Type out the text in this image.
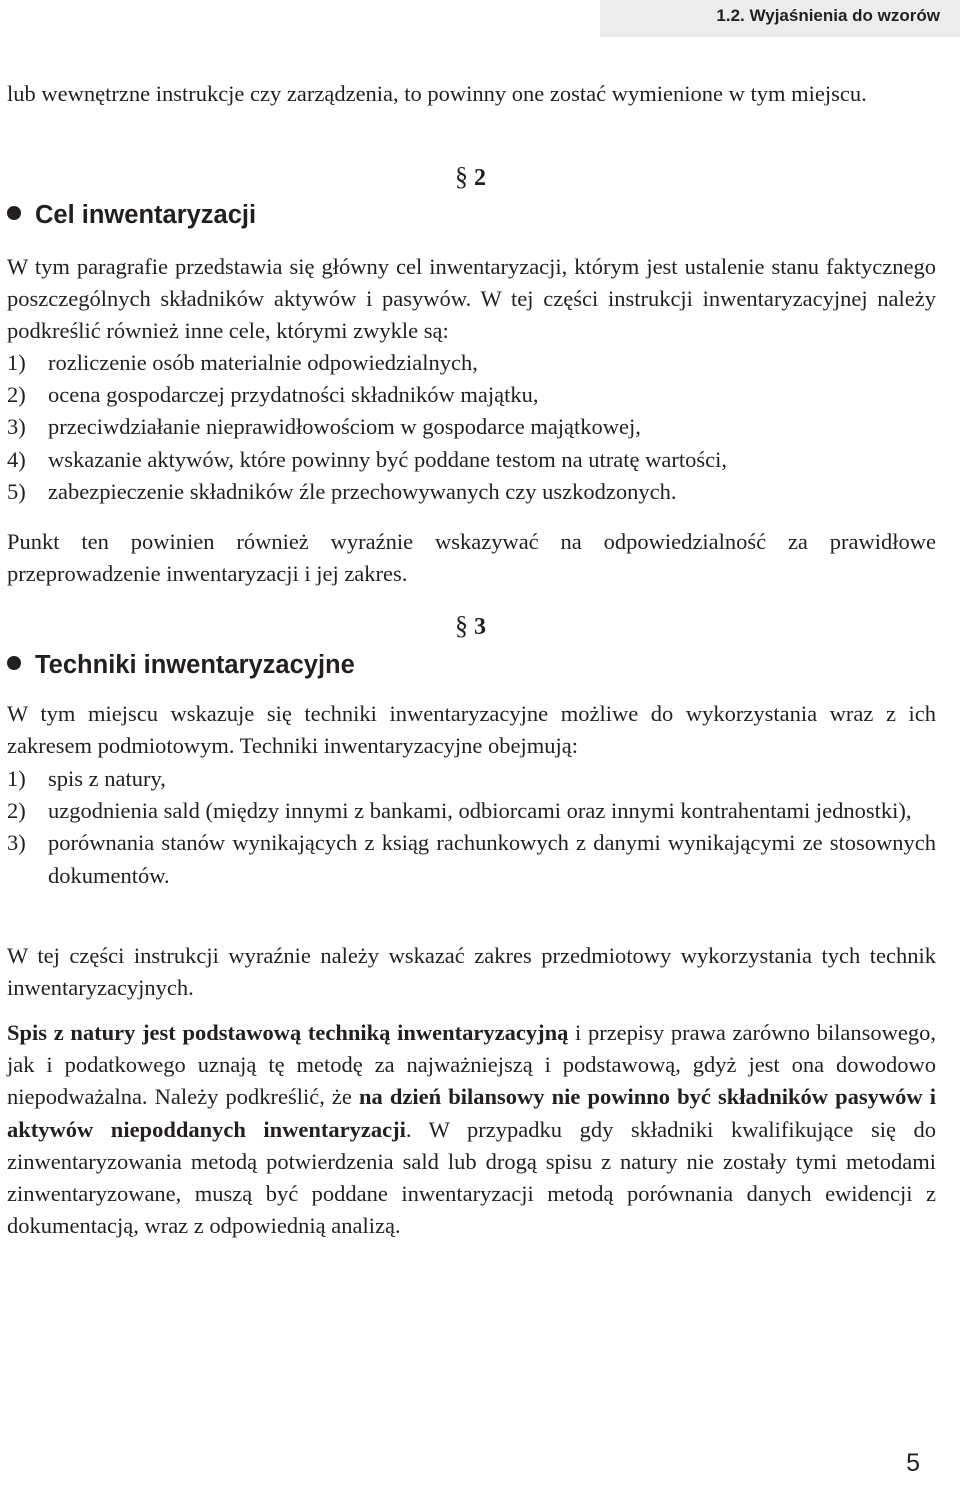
1.2. Wyjaśnienia do wzorów

lub wewnętrzne instrukcje czy zarządzenia, to powinny one zostać wymienione w tym miejscu.

§ 2
Cel inwentaryzacji

W tym paragrafie przedstawia się główny cel inwentaryzacji, którym jest ustalenie stanu faktycznego poszczególnych składników aktywów i pasywów. W tej części instrukcji inwentaryzacyjnej należy podkreślić również inne cele, którymi zwykle są:

1) rozliczenie osób materialnie odpowiedzialnych,
2) ocena gospodarczej przydatności składników majątku,
3) przeciwdziałanie nieprawidłowościom w gospodarce majątkowej,
4) wskazanie aktywów, które powinny być poddane testom na utratę wartości,
5) zabezpieczenie składników źle przechowywanych czy uszkodzonych.

Punkt ten powinien również wyraźnie wskazywać na odpowiedzialność za prawidłowe przeprowadzenie inwentaryzacji i jej zakres.

§ 3
Techniki inwentaryzacyjne

W tym miejscu wskazuje się techniki inwentaryzacyjne możliwe do wykorzystania wraz z ich zakresem podmiotowym. Techniki inwentaryzacyjne obejmują:

1) spis z natury,
2) uzgodnienia sald (między innymi z bankami, odbiorcami oraz innymi kontrahentami jednostki),
3) porównania stanów wynikających z ksiąg rachunkowych z danymi wynikającymi ze stosownych dokumentów.

W tej części instrukcji wyraźnie należy wskazać zakres przedmiotowy wykorzystania tych technik inwentaryzacyjnych.

Spis z natury jest podstawową techniką inwentaryzacyjną i przepisy prawa zarówno bilansowego, jak i podatkowego uznają tę metodę za najważniejszą i podstawową, gdyż jest ona dowodowo niepodważalna. Należy podkreślić, że na dzień bilansowy nie powinno być składników pasywów i aktywów niepoddanych inwentaryzacji. W przypadku gdy składniki kwalifikujące się do zinwentaryzowania metodą potwierdzenia sald lub drogą spisu z natury nie zostały tymi metodami zinwentaryzowane, muszą być poddane inwentaryzacji metodą porównania danych ewidencji z dokumentacją, wraz z odpowiednią analizą.

5
